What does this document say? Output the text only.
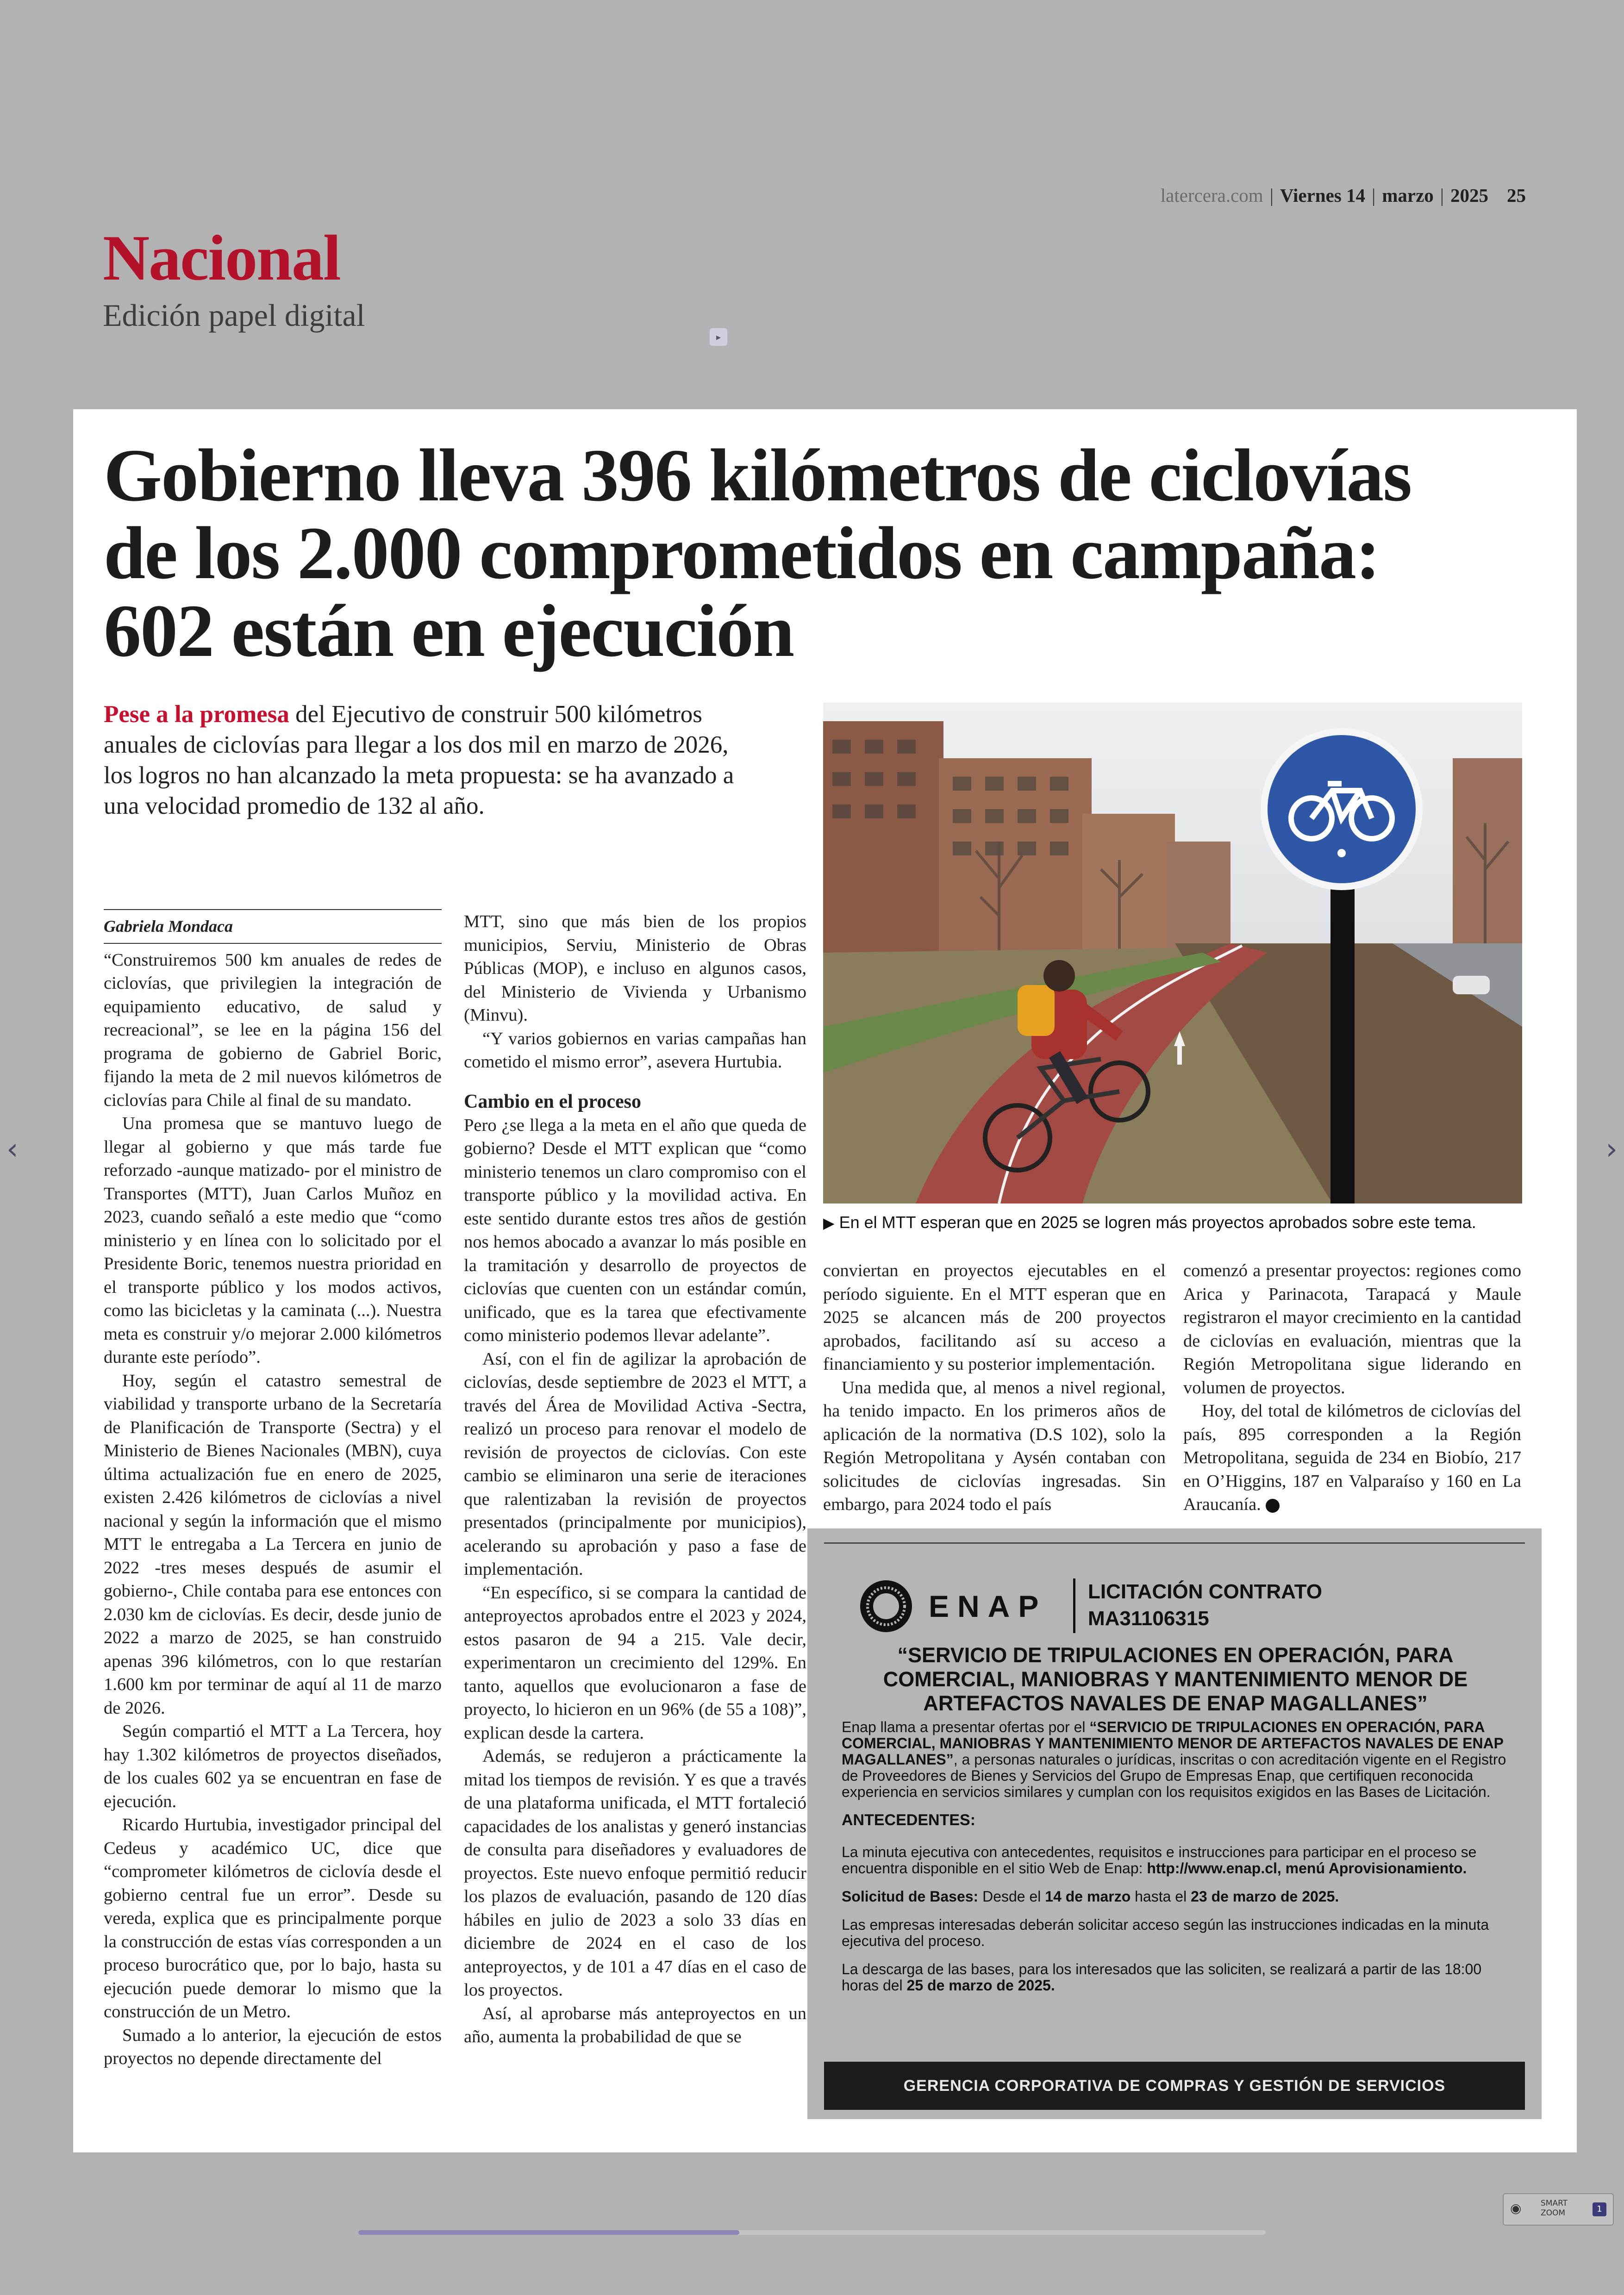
latercera.com | Viernes 14 | marzo | 2025 25
Nacional
Edición papel digital
▸
Gobierno lleva 396 kilómetros de ciclovías de los 2.000 comprometidos en campaña: 602 están en ejecución

Pese a la promesa del Ejecutivo de construir 500 kilómetros anuales de ciclovías para llegar a los dos mil en marzo de 2026, los logros no han alcanzado la meta propuesta: se ha avanzado a una velocidad promedio de 132 al año.

▶ En el MTT esperan que en 2025 se logren más proyectos aprobados sobre este tema.
Gabriela Mondaca

“Construiremos 500 km anuales de redes de ciclovías, que privilegien la integración de equipamiento educativo, de salud y recreacional”, se lee en la página 156 del programa de gobierno de Gabriel Boric, fijando la meta de 2 mil nuevos kilómetros de ciclovías para Chile al final de su mandato.

Una promesa que se mantuvo luego de llegar al gobierno y que más tarde fue reforzado -aunque matizado- por el ministro de Transportes (MTT), Juan Carlos Muñoz en 2023, cuando señaló a este medio que “como ministerio y en línea con lo solicitado por el Presidente Boric, tenemos nuestra prioridad en el transporte público y los modos activos, como las bicicletas y la caminata (...). Nuestra meta es construir y/o mejorar 2.000 kilómetros durante este período”.

Hoy, según el catastro semestral de viabilidad y transporte urbano de la Secretaría de Planificación de Transporte (Sectra) y el Ministerio de Bienes Nacionales (MBN), cuya última actualización fue en enero de 2025, existen 2.426 kilómetros de ciclovías a nivel nacional y según la información que el mismo MTT le entregaba a La Tercera en junio de 2022 -tres meses después de asumir el gobierno-, Chile contaba para ese entonces con 2.030 km de ciclovías. Es decir, desde junio de 2022 a marzo de 2025, se han construido apenas 396 kilómetros, con lo que restarían 1.600 km por terminar de aquí al 11 de marzo de 2026.

Según compartió el MTT a La Tercera, hoy hay 1.302 kilómetros de proyectos diseñados, de los cuales 602 ya se encuentran en fase de ejecución.

Ricardo Hurtubia, investigador principal del Cedeus y académico UC, dice que “comprometer kilómetros de ciclovía desde el gobierno central fue un error”. Desde su vereda, explica que es principalmente porque la construcción de estas vías corresponden a un proceso burocrático que, por lo bajo, hasta su ejecución puede demorar lo mismo que la construcción de un Metro.

Sumado a lo anterior, la ejecución de estos proyectos no depende directamente del

MTT, sino que más bien de los propios municipios, Serviu, Ministerio de Obras Públicas (MOP), e incluso en algunos casos, del Ministerio de Vivienda y Urbanismo (Minvu).

“Y varios gobiernos en varias campañas han cometido el mismo error”, asevera Hurtubia.

Cambio en el proceso

Pero ¿se llega a la meta en el año que queda de gobierno? Desde el MTT explican que “como ministerio tenemos un claro compromiso con el transporte público y la movilidad activa. En este sentido durante estos tres años de gestión nos hemos abocado a avanzar lo más posible en la tramitación y desarrollo de proyectos de ciclovías que cuenten con un estándar común, unificado, que es la tarea que efectivamente como ministerio podemos llevar adelante”.

Así, con el fin de agilizar la aprobación de ciclovías, desde septiembre de 2023 el MTT, a través del Área de Movilidad Activa -Sectra, realizó un proceso para renovar el modelo de revisión de proyectos de ciclovías. Con este cambio se eliminaron una serie de iteraciones que ralentizaban la revisión de proyectos presentados (principalmente por municipios), acelerando su aprobación y paso a fase de implementación.

“En específico, si se compara la cantidad de anteproyectos aprobados entre el 2023 y 2024, estos pasaron de 94 a 215. Vale decir, experimentaron un crecimiento del 129%. En tanto, aquellos que evolucionaron a fase de proyecto, lo hicieron en un 96% (de 55 a 108)”, explican desde la cartera.

Además, se redujeron a prácticamente la mitad los tiempos de revisión. Y es que a través de una plataforma unificada, el MTT fortaleció capacidades de los analistas y generó instancias de consulta para diseñadores y evaluadores de proyectos. Este nuevo enfoque permitió reducir los plazos de evaluación, pasando de 120 días hábiles en julio de 2023 a solo 33 días en diciembre de 2024 en el caso de los anteproyectos, y de 101 a 47 días en el caso de los proyectos.

Así, al aprobarse más anteproyectos en un año, aumenta la probabilidad de que se

conviertan en proyectos ejecutables en el período siguiente. En el MTT esperan que en 2025 se alcancen más de 200 proyectos aprobados, facilitando así su acceso a financiamiento y su posterior implementación.

Una medida que, al menos a nivel regional, ha tenido impacto. En los primeros años de aplicación de la normativa (D.S 102), solo la Región Metropolitana y Aysén contaban con solicitudes de ciclovías ingresadas. Sin embargo, para 2024 todo el país

comenzó a presentar proyectos: regiones como Arica y Parinacota, Tarapacá y Maule registraron el mayor crecimiento en la cantidad de ciclovías en evaluación, mientras que la Región Metropolitana sigue liderando en volumen de proyectos.

Hoy, del total de kilómetros de ciclovías del país, 895 corresponden a la Región Metropolitana, seguida de 234 en Biobío, 217 en O’Higgins, 187 en Valparaíso y 160 en La Araucanía.

ENAP LICITACIÓN CONTRATO
MA31106315
“SERVICIO DE TRIPULACIONES EN OPERACIÓN, PARA COMERCIAL, MANIOBRAS Y MANTENIMIENTO MENOR DE ARTEFACTOS NAVALES DE ENAP MAGALLANES”

Enap llama a presentar ofertas por el “SERVICIO DE TRIPULACIONES EN OPERACIÓN, PARA COMERCIAL, MANIOBRAS Y MANTENIMIENTO MENOR DE ARTEFACTOS NAVALES DE ENAP MAGALLANES”, a personas naturales o jurídicas, inscritas o con acreditación vigente en el Registro de Proveedores de Bienes y Servicios del Grupo de Empresas Enap, que certifiquen reconocida experiencia en servicios similares y cumplan con los requisitos exigidos en las Bases de Licitación.

ANTECEDENTES:

La minuta ejecutiva con antecedentes, requisitos e instrucciones para participar en el proceso se encuentra disponible en el sitio Web de Enap: http://www.enap.cl, menú Aprovisionamiento.

Solicitud de Bases: Desde el 14 de marzo hasta el 23 de marzo de 2025.

Las empresas interesadas deberán solicitar acceso según las instrucciones indicadas en la minuta ejecutiva del proceso.

La descarga de las bases, para los interesados que las soliciten, se realizará a partir de las 18:00 horas del 25 de marzo de 2025.

GERENCIA CORPORATIVA DE COMPRAS Y GESTIÓN DE SERVICIOS
‹	›
◉ SMART
ZOOM	1
